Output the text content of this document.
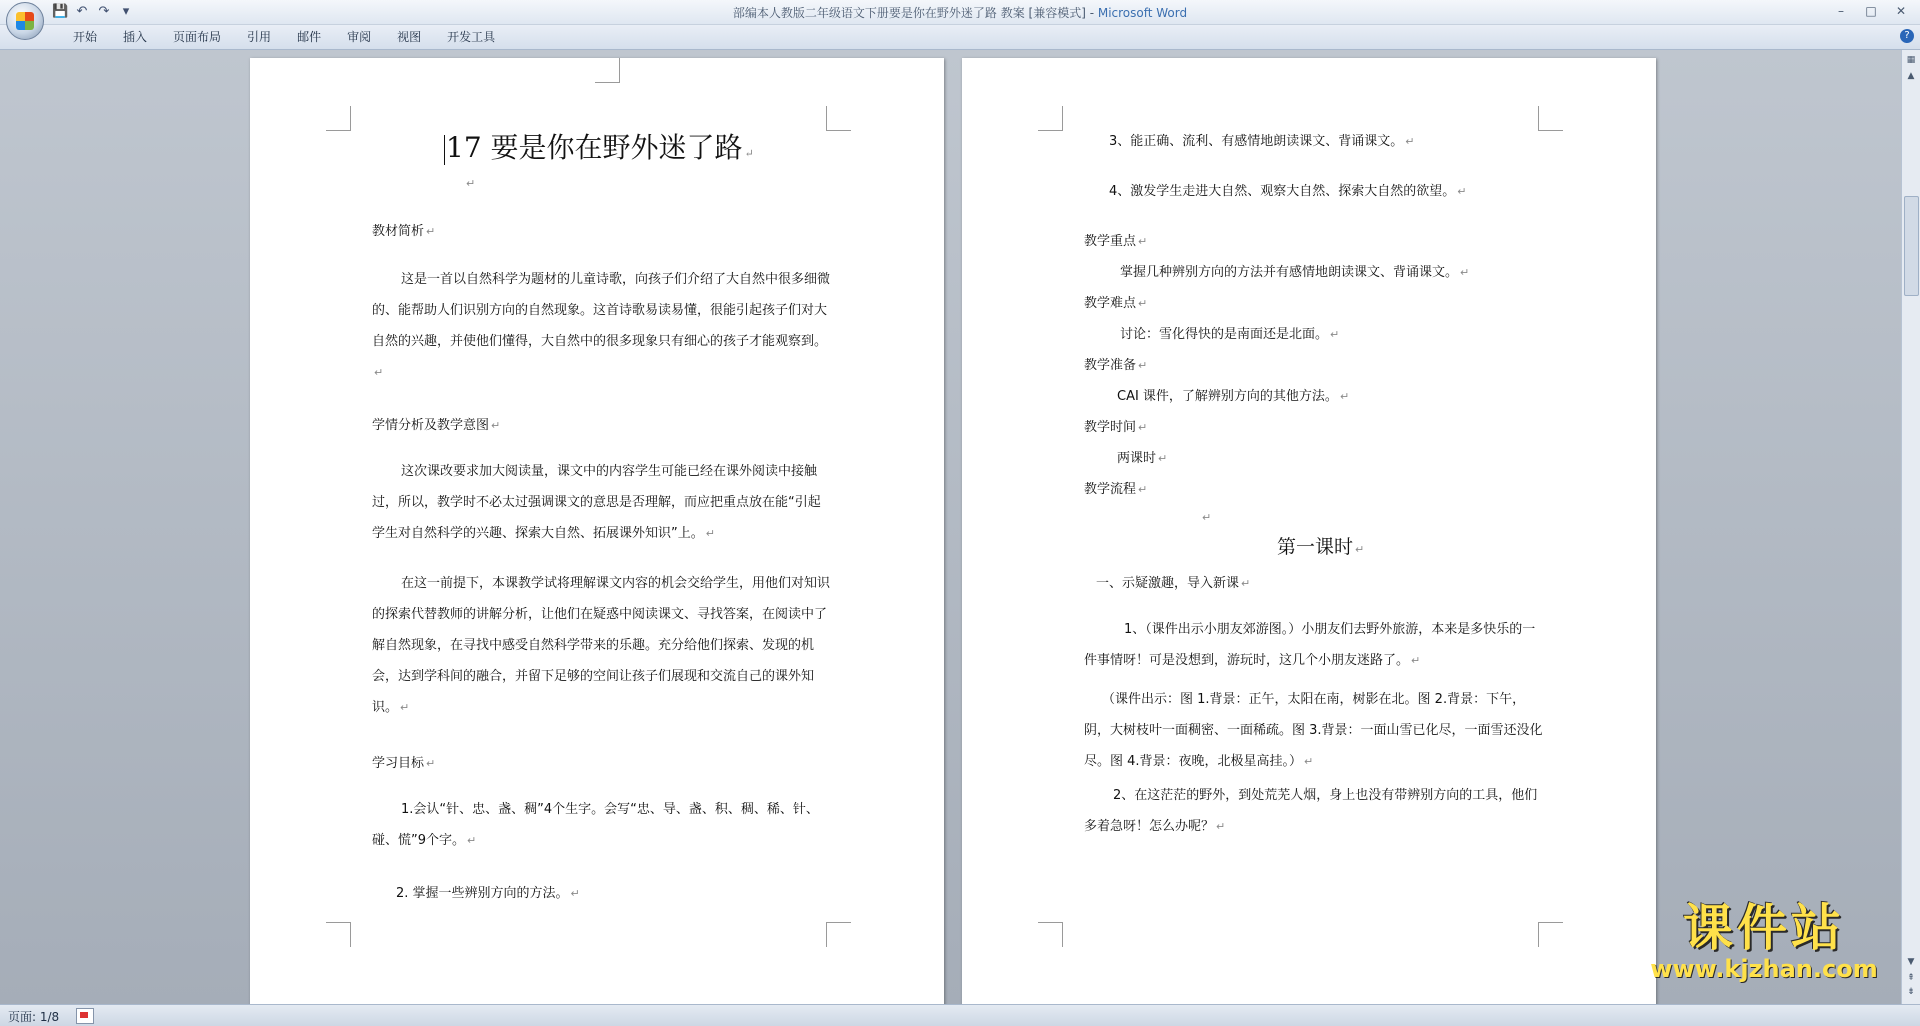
💾 ↶ ↷	▾	部编本人教版二年级语文下册要是你在野外迷了路 教案 [兼容模式] - Microsoft Word	–	□	✕
开始	插入	页面布局	引用	邮件	审阅	视图	开发工具	?
17 要是你在野外迷了路 ↵
↵
教材简析 ↵
这是一首以自然科学为题材的儿童诗歌，向孩子们介绍了大自然中很多细微的、能帮助人们识别方向的自然现象。这首诗歌易读易懂，很能引起孩子们对大自然的兴趣，并使他们懂得，大自然中的很多现象只有细心的孩子才能观察到。↵
学情分析及教学意图 ↵
这次课改要求加大阅读量，课文中的内容学生可能已经在课外阅读中接触过，所以，教学时不必太过强调课文的意思是否理解，而应把重点放在能“引起学生对自然科学的兴趣、探索大自然、拓展课外知识”上。 ↵
在这一前提下，本课教学试将理解课文内容的机会交给学生，用他们对知识的探索代替教师的讲解分析，让他们在疑惑中阅读课文、寻找答案，在阅读中了解自然现象，在寻找中感受自然科学带来的乐趣。充分给他们探索、发现的机会，达到学科间的融合，并留下足够的空间让孩子们展现和交流自己的课外知识。 ↵
学习目标 ↵
1.会认“针、忠、盏、稠”4个生字。会写“忠、导、盏、积、稠、稀、针、碰、慌”9个字。 ↵
2. 掌握一些辨别方向的方法。 ↵
3、能正确、流利、有感情地朗读课文、背诵课文。 ↵
4、激发学生走进大自然、观察大自然、探索大自然的欲望。 ↵
教学重点 ↵
掌握几种辨别方向的方法并有感情地朗读课文、背诵课文。 ↵
教学难点 ↵
讨论：雪化得快的是南面还是北面。 ↵
教学准备 ↵
CAI 课件，了解辨别方向的其他方法。 ↵
教学时间 ↵
两课时 ↵
教学流程 ↵
↵
第一课时 ↵
一、示疑激趣，导入新课 ↵
1、（课件出示小朋友郊游图。）小朋友们去野外旅游，本来是多快乐的一件事情呀！可是没想到，游玩时，这几个小朋友迷路了。 ↵
（课件出示：图 1.背景：正午，太阳在南，树影在北。图 2.背景：下午，阴，大树枝叶一面稠密、一面稀疏。图 3.背景：一面山雪已化尽，一面雪还没化尽。图 4.背景：夜晚，北极星高挂。） ↵
2、在这茫茫的野外，到处荒芜人烟，身上也没有带辨别方向的工具，他们多着急呀！怎么办呢？ ↵
课件站
www.kjzhan.com
▦
▲
▼
⇞
⇟
页面: 1/8
